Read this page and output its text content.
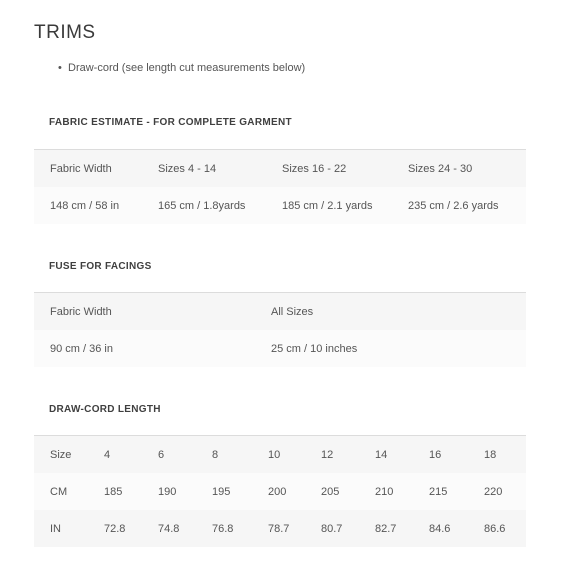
TRIMS
• Draw-cord (see length cut measurements below)
FABRIC ESTIMATE - FOR COMPLETE GARMENT
Fabric Width	Sizes 4 - 14	Sizes 16 - 22	Sizes 24 - 30
148 cm / 58 in	165 cm / 1.8yards	185 cm / 2.1 yards	235 cm / 2.6 yards
FUSE FOR FACINGS
Fabric Width	All Sizes
90 cm / 36 in	25 cm / 10 inches
DRAW-CORD LENGTH
Size	4	6	8	10	12	14	16	18
CM	185	190	195	200	205	210	215	220
IN	72.8	74.8	76.8	78.7	80.7	82.7	84.6	86.6
